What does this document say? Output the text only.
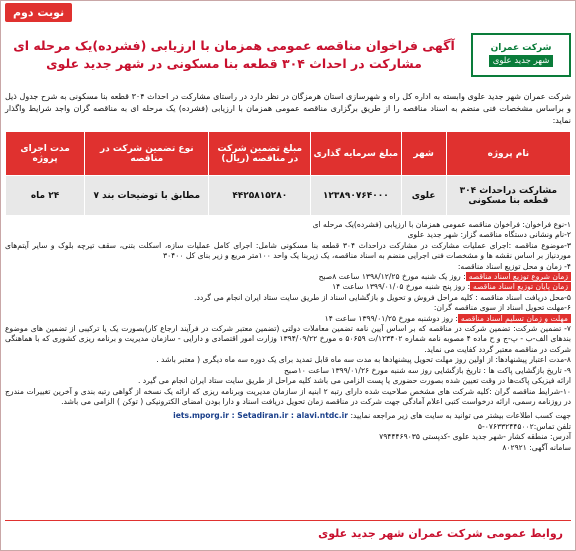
نوبت دوم
شرکت عمران
شهر جدید علوی
آگهی فراخوان مناقصه عمومی همزمان با ارزیابی (فشرده)یک مرحله ای
مشارکت در احداث ۳۰۴ قطعه بنا مسکونی در شهر جدید علوی
شرکت عمران شهر جدید علوی وابسته به اداره کل راه و شهرسازی استان هرمزگان در نظر دارد در راستای مشارکت در احداث ۳۰۴ قطعه بنا مسکونی به شرح جدول ذیل و براساس مشخصات فنی منضم به اسناد مناقصه را از طریق برگزاری مناقصه عمومی همزمان با ارزیابی (فشرده) یک مرحله ای به مناقصه گران واجد شرایط واگذار نماید:
نام پروژه	شهر	مبلغ سرمایه گذاری	مبلغ تضمین شرکت در مناقصه (ریال)	نوع تضمین شرکت در مناقصه	مدت اجرای پروژه
مشارکت دراحداث ۳۰۴ قطعه بنا مسکونی	علوی	۱۲۳۸۹۰۷۶۴۰۰۰	۴۴۲۵۸۱۵۲۸۰	مطابق با توضیحات بند ۷	۲۴ ماه

۱-نوع فراخوان: فراخوان مناقصه عمومی همزمان با ارزیابی (فشرده)یک مرحله ای

۲-نام ونشانی دستگاه مناقصه گزار: شهر جدید علوی

۳-موضوع مناقصه :اجرای عملیات مشارکت در مشارکت دراحداث ۳۰۴ قطعه بنا مسکونی شامل: اجرای کامل عملیات سازه، اسکلت بتنی، سقف تیرچه بلوک و سایر آیتم‌های موردنیاز بر اساس نقشه ها و مشخصات فنی اجرایی منضم به اسناد مناقصه، یک زیربنا یک واحد ۱۰۰متر مربع و زیر بنای کل ۳۰۴۰۰

۴- زمان و محل توزیع اسناد مناقصه:

زمان شروع توزیع اسناد مناقصه: روز یک شنبه مورخ ۱۳۹۸/۱۲/۲۵ ساعت ۸صبح

زمان پایان توزیع اسناد مناقصه: روز پنج شنبه مورخ ۱۳۹۹/۰۱/۰۵ ساعت ۱۴

۵-محل دریافت اسناد مناقصه : کلیه مراحل فروش و تحویل و بازگشایی اسناد از طریق سایت ستاد ایران انجام می گردد.

۶-مهلت تحویل اسناد از سوی مناقصه گران:

مهلت و زمان تسلیم اسناد مناقصه: روز دوشنبه مورخ ۱۳۹۹/۰۱/۲۵ ساعت ۱۴

۷- تضمین شرکت: تضمین شرکت در مناقصه که بر اساس آیین نامه تضمین معاملات دولتی (تضمین معتبر شرکت در فرآیند ارجاع کار)بصورت یک یا ترکیبی از تضمین های موضوع بندهای الف-ب - پ-ج و ح ماده ۴ مصوبه نامه شماره ۱۲۳۴۰۲/ت ۵۰۶۵۹ ه مورخ ۱۳۹۴/۰۹/۲۲ وزارت امور اقتصادی و دارایی - سازمان مدیریت و برنامه ریزی کشوری که با هماهنگی شرکت در مناقصه معتبر گردد کفایت می نماید.

۸-مدت اعتبار پیشنهادها: از اولین روز مهلت تحویل پیشنهادها به مدت سه ماه قابل تمدید برای یک دوره سه ماه دیگری ( معتبر باشد .

۹- تاریخ بازگشایی پاکت ها : تاریخ بازگشایی روز سه شنبه مورخ ۱۳۹۹/۰۱/۲۶ ساعت ۱۰صبح

ارائه فیزیکی پاکت‌ها در وقت تعیین شده بصورت حضوری یا پست الزامی می باشد کلیه مراحل از طریق سایت ستاد ایران انجام می گیرد .

۱۰-شرایط مناقصه گران :کلیه شرکت های مشخص صلاحیت شده دارای رتبه ۲ ابنیه از سازمان مدیریت وبرنامه ریزی که ارائه یک نسخه از گواهی رتبه بندی و آخرین تغییرات مندرج در روزنامه رسمی، ارائه درخواست کتبی اعلام آمادگی جهت شرکت در مناقصه زمان تحویل دریافت اسناد و دارا بودن امضای الکترونیکی ( توکن ) الزامی می باشد.

جهت کسب اطلاعات بیشتر می توانید به سایت های زیر مراجعه نمایید: iets.mporg.ir : Setadiran.ir : alavi.ntdc.ir

تلفن تماس:۰۷۶۳۳۲۴۴۵۰۰۲-۵

آدرس: منطقه کشار -شهر جدید علوی -کدپستی ۷۹۴۴۴۶۹۰۳۵

سامانه آگهی: ۸۰۲۹۲۱

روابط عمومی شرکت عمران شهر جدید علوی
